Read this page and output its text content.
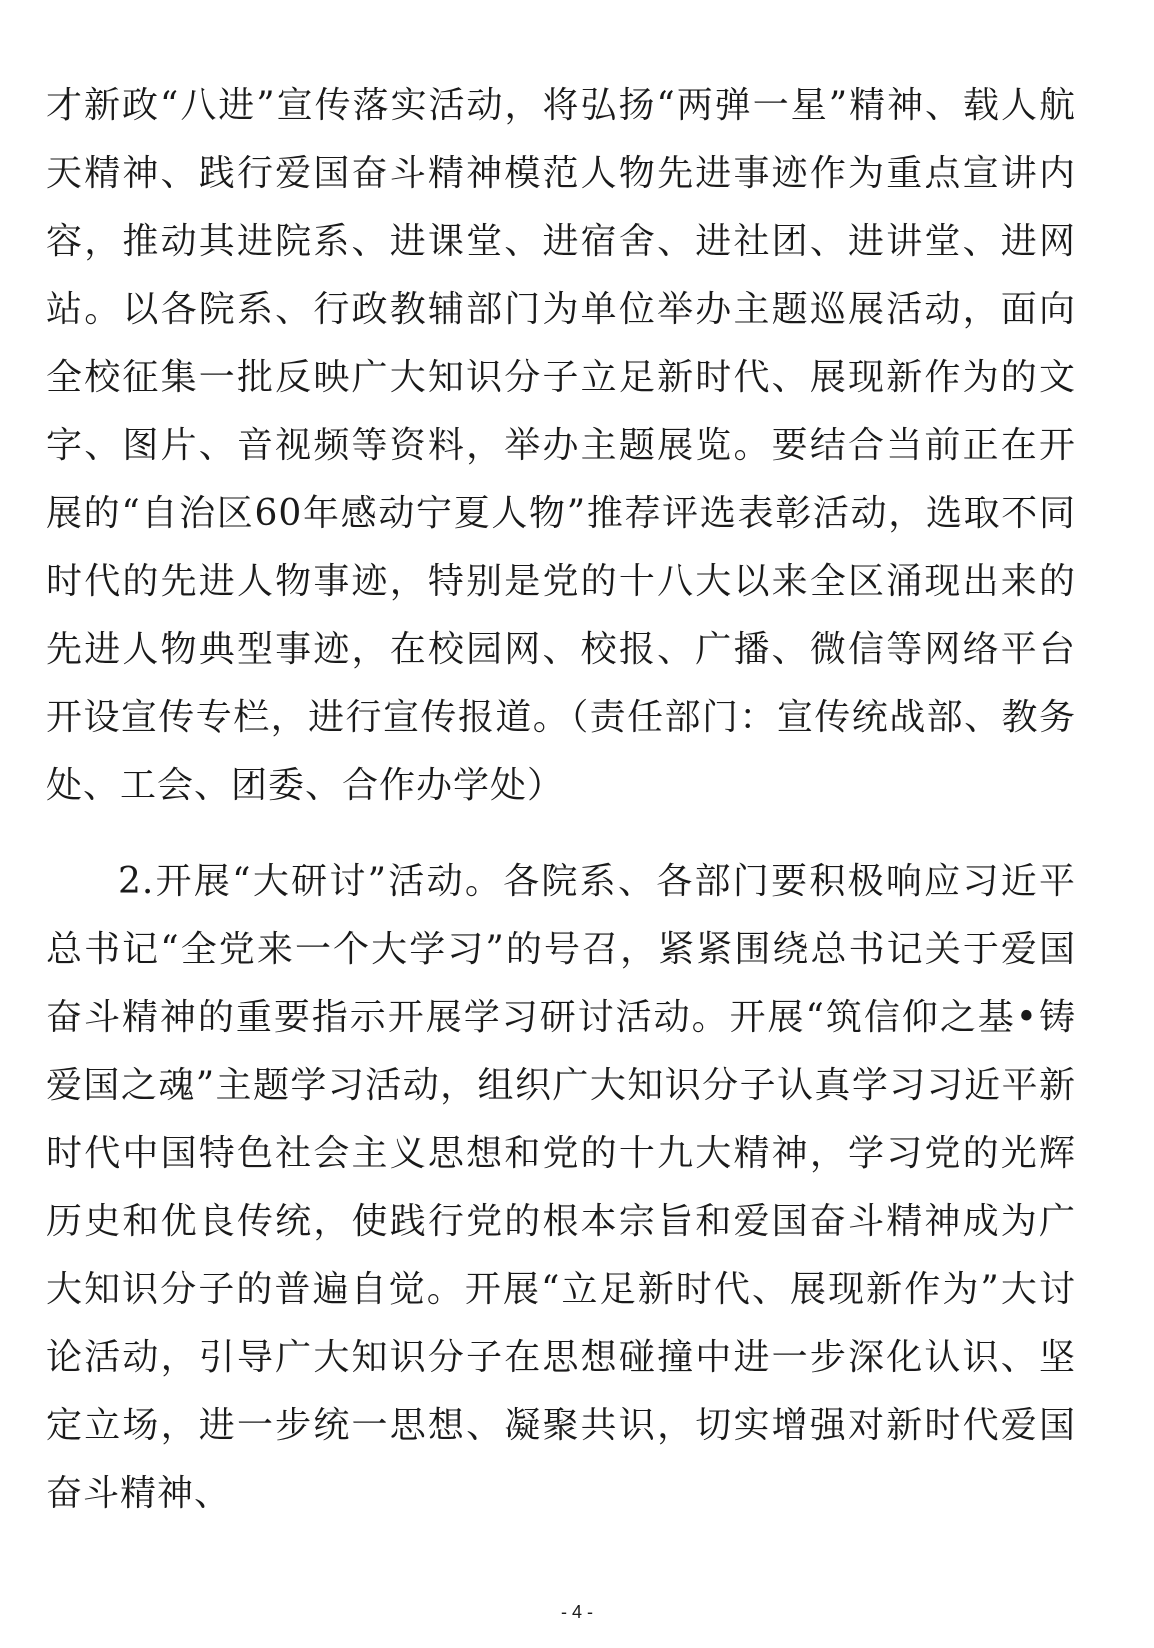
才新政“八进”宣传落实活动，将弘扬“两弹一星”精神、载人航天精神、践行爱国奋斗精神模范人物先进事迹作为重点宣讲内容，推动其进院系、进课堂、进宿舍、进社团、进讲堂、进网站。以各院系、行政教辅部门为单位举办主题巡展活动，面向全校征集一批反映广大知识分子立足新时代、展现新作为的文字、图片、音视频等资料，举办主题展览。要结合当前正在开展的“自治区60年感动宁夏人物”推荐评选表彰活动，选取不同时代的先进人物事迹，特别是党的十八大以来全区涌现出来的先进人物典型事迹，在校园网、校报、广播、微信等网络平台开设宣传专栏，进行宣传报道。（责任部门：宣传统战部、教务处、工会、团委、合作办学处）

2.开展“大研讨”活动。各院系、各部门要积极响应习近平总书记“全党来一个大学习”的号召，紧紧围绕总书记关于爱国奋斗精神的重要指示开展学习研讨活动。开展“筑信仰之基•铸爱国之魂”主题学习活动，组织广大知识分子认真学习习近平新时代中国特色社会主义思想和党的十九大精神，学习党的光辉历史和优良传统，使践行党的根本宗旨和爱国奋斗精神成为广大知识分子的普遍自觉。开展“立足新时代、展现新作为”大讨论活动，引导广大知识分子在思想碰撞中进一步深化认识、坚定立场，进一步统一思想、凝聚共识，切实增强对新时代爱国奋斗精神、

- 4 -
